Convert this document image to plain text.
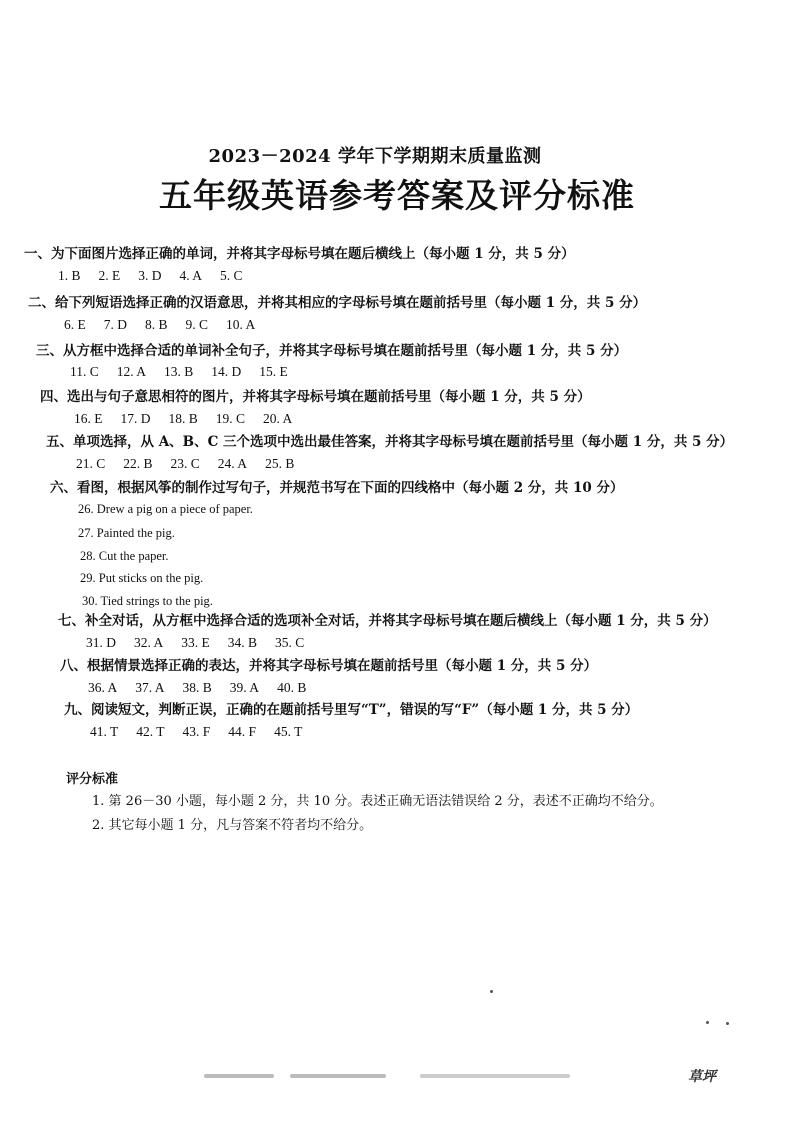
2023－2024 学年下学期期末质量监测
五年级英语参考答案及评分标准
一、为下面图片选择正确的单词，并将其字母标号填在题后横线上（每小题 1 分，共 5 分）
1. B 2. E 3. D 4. A 5. C
二、给下列短语选择正确的汉语意思，并将其相应的字母标号填在题前括号里（每小题 1 分，共 5 分）
6. E 7. D 8. B 9. C 10. A
三、从方框中选择合适的单词补全句子，并将其字母标号填在题前括号里（每小题 1 分，共 5 分）
11. C 12. A 13. B 14. D 15. E
四、选出与句子意思相符的图片，并将其字母标号填在题前括号里（每小题 1 分，共 5 分）
16. E 17. D 18. B 19. C 20. A
五、单项选择，从 A、B、C 三个选项中选出最佳答案，并将其字母标号填在题前括号里（每小题 1 分，共 5 分）
21. C 22. B 23. C 24. A 25. B
六、看图，根据风筝的制作过写句子，并规范书写在下面的四线格中（每小题 2 分，共 10 分）
26. Drew a pig on a piece of paper.
27. Painted the pig.
28. Cut the paper.
29. Put sticks on the pig.
30. Tied strings to the pig.
七、补全对话，从方框中选择合适的选项补全对话，并将其字母标号填在题后横线上（每小题 1 分，共 5 分）
31. D 32. A 33. E 34. B 35. C
八、根据情景选择正确的表达，并将其字母标号填在题前括号里（每小题 1 分，共 5 分）
36. A 37. A 38. B 39. A 40. B
九、阅读短文，判断正误，正确的在题前括号里写“T”，错误的写“F”（每小题 1 分，共 5 分）
41. T 42. T 43. F 44. F 45. T
评分标准
1. 第 26－30 小题，每小题 2 分，共 10 分。表述正确无语法错误给 2 分，表述不正确均不给分。
2. 其它每小题 1 分，凡与答案不符者均不给分。
草坪
